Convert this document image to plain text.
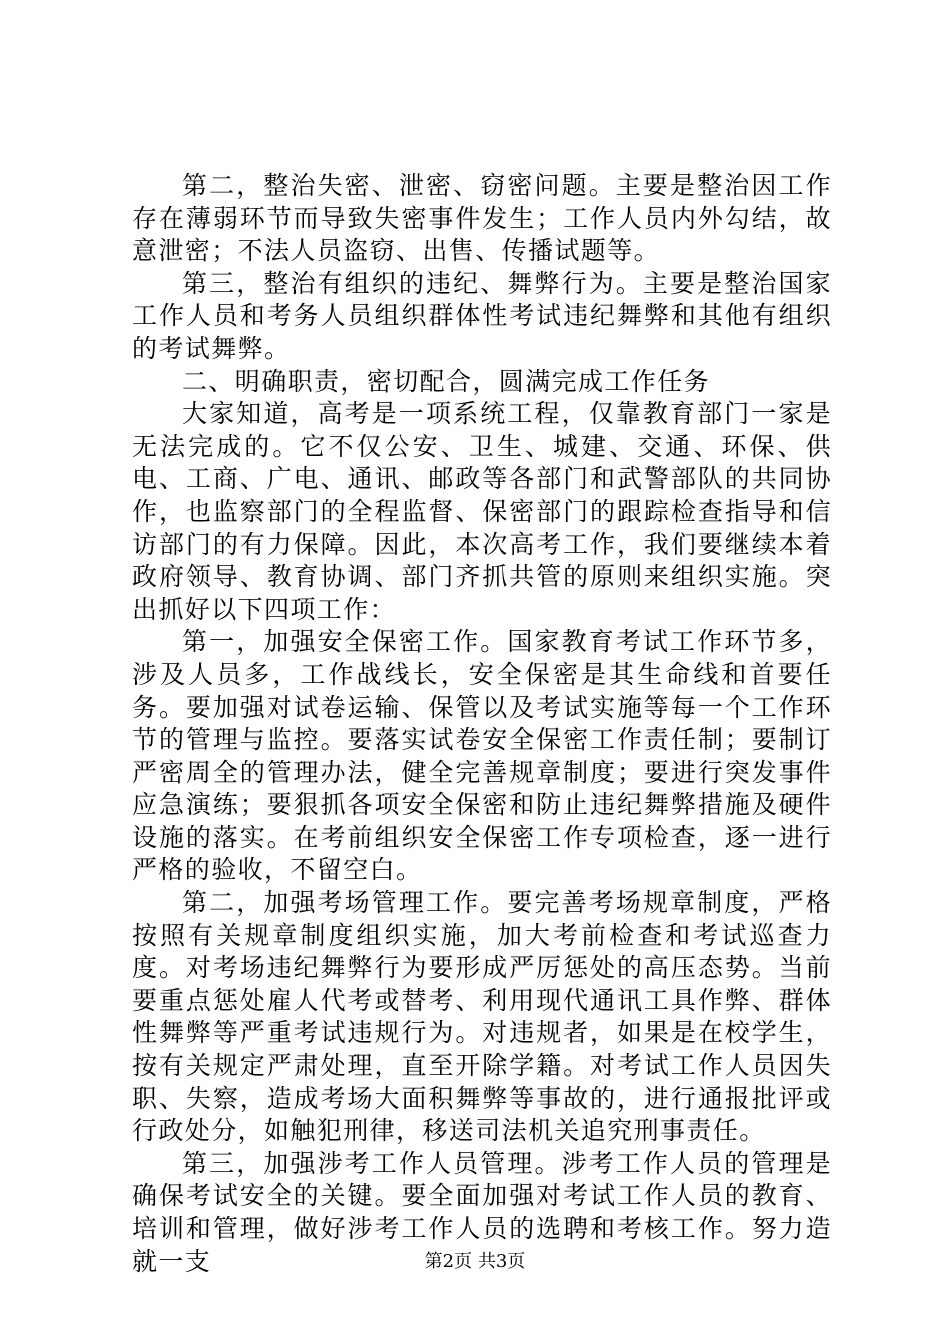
第二，整治失密、泄密、窃密问题。主要是整治因工作存在薄弱环节而导致失密事件发生；工作人员内外勾结，故意泄密；不法人员盗窃、出售、传播试题等。

第三，整治有组织的违纪、舞弊行为。主要是整治国家工作人员和考务人员组织群体性考试违纪舞弊和其他有组织的考试舞弊。

二、明确职责，密切配合，圆满完成工作任务

大家知道，高考是一项系统工程，仅靠教育部门一家是无法完成的。它不仅公安、卫生、城建、交通、环保、供电、工商、广电、通讯、邮政等各部门和武警部队的共同协作，也监察部门的全程监督、保密部门的跟踪检查指导和信访部门的有力保障。因此，本次高考工作，我们要继续本着政府领导、教育协调、部门齐抓共管的原则来组织实施。突出抓好以下四项工作：

第一，加强安全保密工作。国家教育考试工作环节多，涉及人员多，工作战线长，安全保密是其生命线和首要任务。要加强对试卷运输、保管以及考试实施等每一个工作环节的管理与监控。要落实试卷安全保密工作责任制；要制订严密周全的管理办法，健全完善规章制度；要进行突发事件应急演练；要狠抓各项安全保密和防止违纪舞弊措施及硬件设施的落实。在考前组织安全保密工作专项检查，逐一进行严格的验收，不留空白。

第二，加强考场管理工作。要完善考场规章制度，严格按照有关规章制度组织实施，加大考前检查和考试巡查力度。对考场违纪舞弊行为要形成严厉惩处的高压态势。当前要重点惩处雇人代考或替考、利用现代通讯工具作弊、群体性舞弊等严重考试违规行为。对违规者，如果是在校学生，按有关规定严肃处理，直至开除学籍。对考试工作人员因失职、失察，造成考场大面积舞弊等事故的，进行通报批评或行政处分，如触犯刑律，移送司法机关追究刑事责任。

第三，加强涉考工作人员管理。涉考工作人员的管理是确保考试安全的关键。要全面加强对考试工作人员的教育、培训和管理，做好涉考工作人员的选聘和考核工作。努力造就一支	第2页 共3页
